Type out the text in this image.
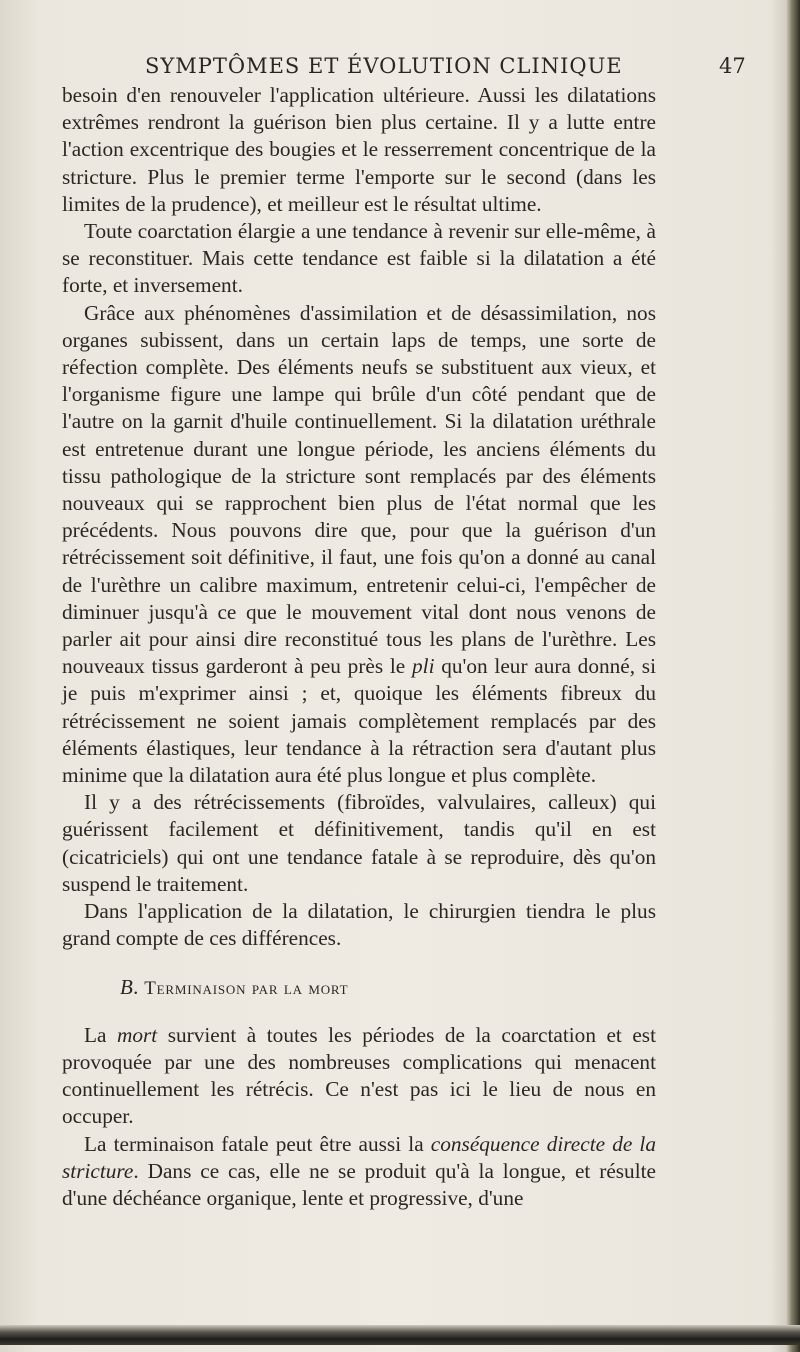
SYMPTÔMES ET ÉVOLUTION CLINIQUE	47

besoin d'en renouveler l'application ultérieure. Aussi les dilatations extrêmes rendront la guérison bien plus certaine. Il y a lutte entre l'action excentrique des bougies et le resserrement concentrique de la stricture. Plus le premier terme l'emporte sur le second (dans les limites de la prudence), et meilleur est le résultat ultime.

Toute coarctation élargie a une tendance à revenir sur elle-même, à se reconstituer. Mais cette tendance est faible si la dilatation a été forte, et inversement.

Grâce aux phénomènes d'assimilation et de désassimilation, nos organes subissent, dans un certain laps de temps, une sorte de réfection complète. Des éléments neufs se substituent aux vieux, et l'organisme figure une lampe qui brûle d'un côté pendant que de l'autre on la garnit d'huile continuellement. Si la dilatation uréthrale est entretenue durant une longue période, les anciens éléments du tissu pathologique de la stricture sont remplacés par des éléments nouveaux qui se rapprochent bien plus de l'état normal que les précédents. Nous pouvons dire que, pour que la guérison d'un rétrécissement soit définitive, il faut, une fois qu'on a donné au canal de l'urèthre un calibre maximum, entretenir celui-ci, l'empêcher de diminuer jusqu'à ce que le mouvement vital dont nous venons de parler ait pour ainsi dire reconstitué tous les plans de l'urèthre. Les nouveaux tissus garderont à peu près le pli qu'on leur aura donné, si je puis m'exprimer ainsi ; et, quoique les éléments fibreux du rétrécissement ne soient jamais complètement remplacés par des éléments élastiques, leur tendance à la rétraction sera d'autant plus minime que la dilatation aura été plus longue et plus complète.

Il y a des rétrécissements (fibroïdes, valvulaires, calleux) qui guérissent facilement et définitivement, tandis qu'il en est (cicatriciels) qui ont une tendance fatale à se reproduire, dès qu'on suspend le traitement.

Dans l'application de la dilatation, le chirurgien tiendra le plus grand compte de ces différences.

B. Terminaison par la mort

La mort survient à toutes les périodes de la coarctation et est provoquée par une des nombreuses complications qui menacent continuellement les rétrécis. Ce n'est pas ici le lieu de nous en occuper.

La terminaison fatale peut être aussi la conséquence directe de la stricture. Dans ce cas, elle ne se produit qu'à la longue, et résulte d'une déchéance organique, lente et progressive, d'une
